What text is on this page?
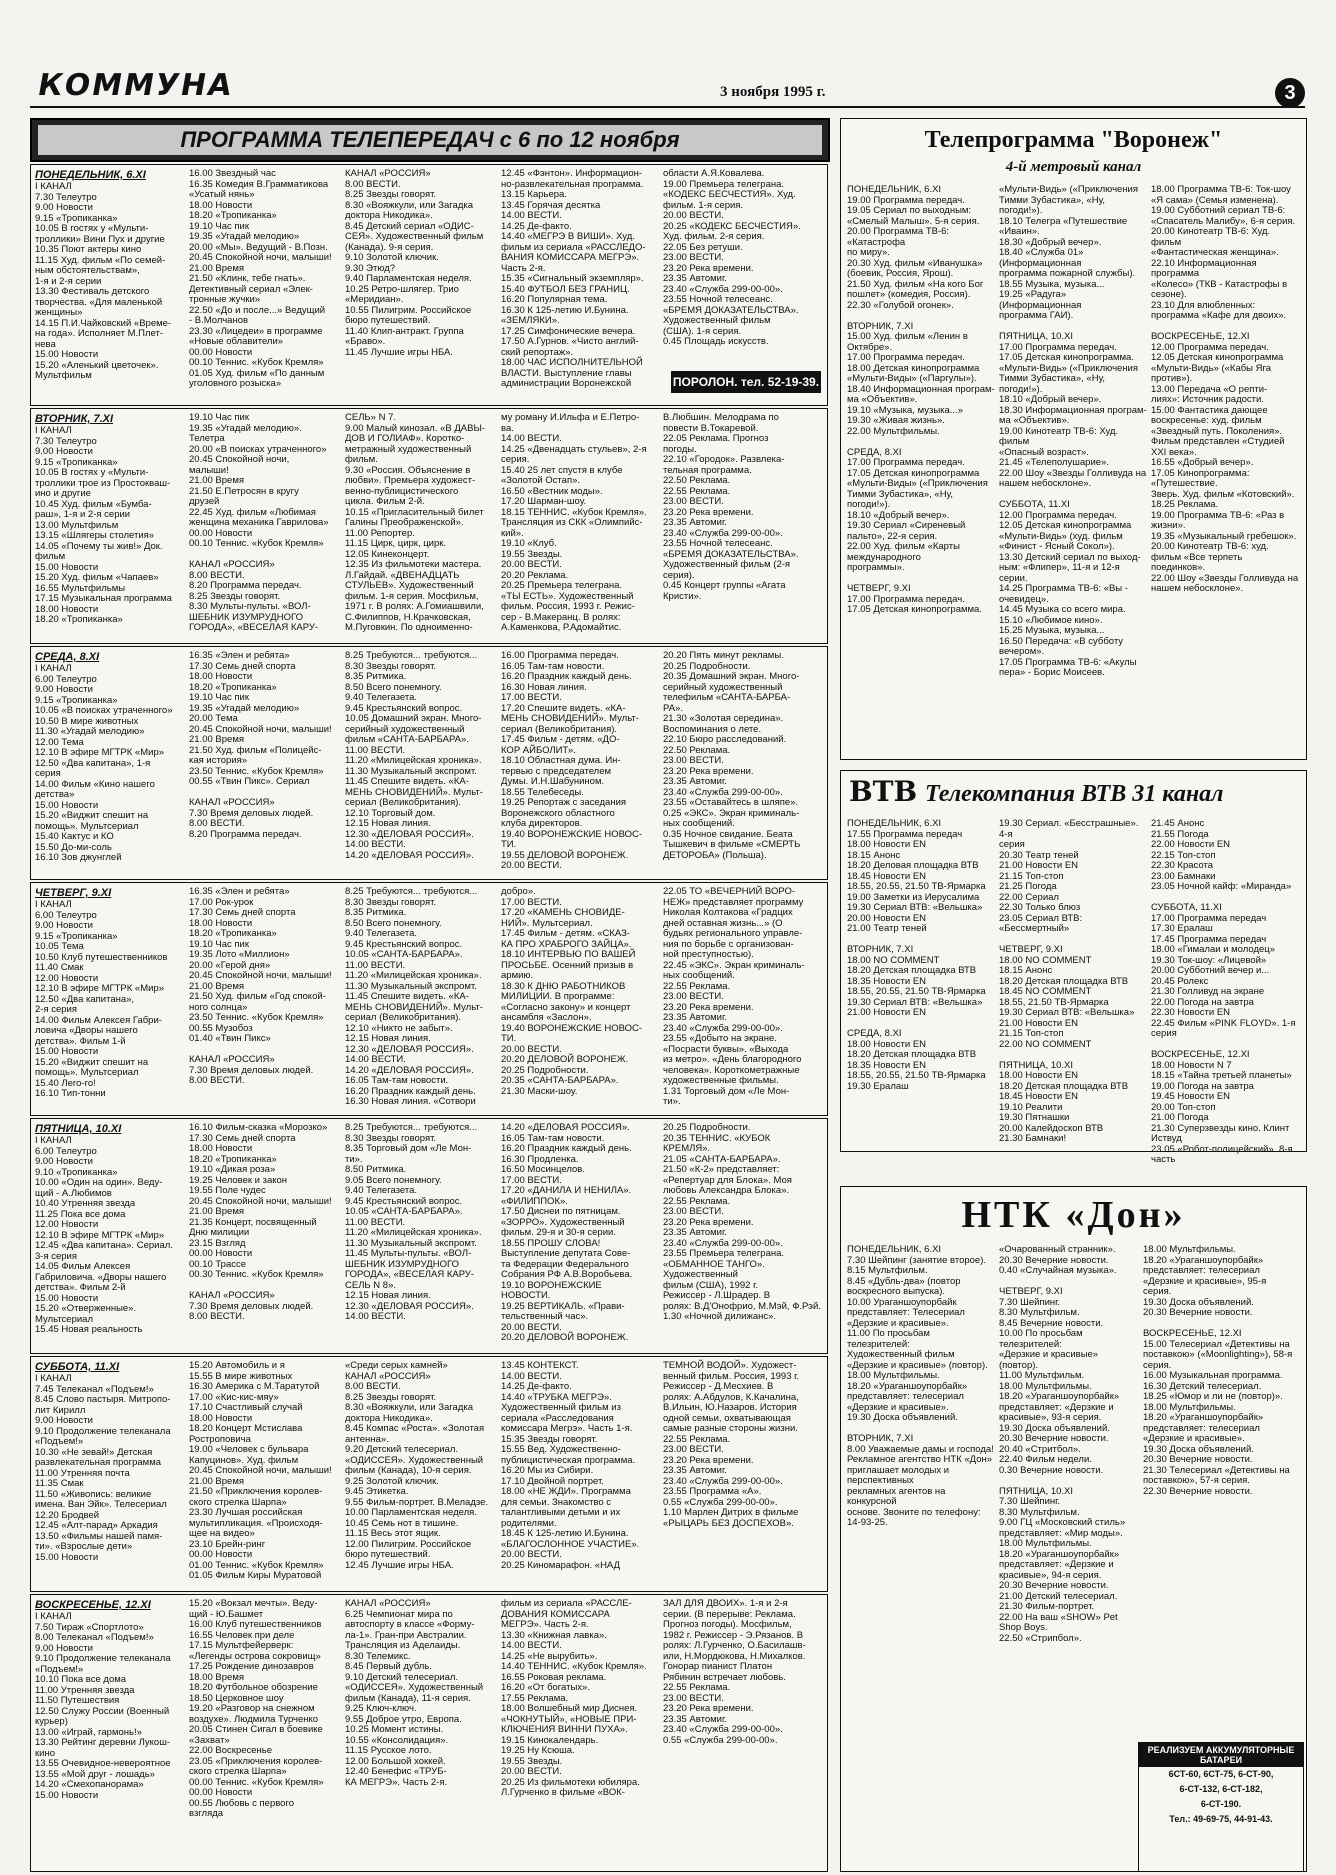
КОММУНА	3 ноября 1995 г.	3
ПРОГРАММА ТЕЛЕПЕРЕДАЧ с 6 по 12 ноября
ПОНЕДЕЛЬНИК, 6.XI
I КАНАЛ
7.30 Телеутро
9.00 Новости
9.15 «Тропиканка»
10.05 В гостях у «Мульти-
троллики» Вини Пух и другие
10.35 Поют актеры кино
11.15 Худ. фильм «По семей-
ным обстоятельствам»,
1-я и 2-я серии
13.30 Фестиваль детского
творчества. «Для маленькой
женщины»
14.15 П.И.Чайковский «Време-
на года». Исполняет М.Плет-
нева
15.00 Новости
15.20 «Аленький цветочек».
Мультфильм
16.00 Звездный час
16.35 Комедия В.Грамматикова
«Усатый нянь»
18.00 Новости
18.20 «Тропиканка»
19.10 Час пик
19.35 «Угадай мелодию»
20.00 «Мы». Ведущий - В.Позн.
20.45 Спокойной ночи, малыши!
21.00 Время
21.50 «Клинк, тебе гнать».
Детективный сериал «Элек-
тронные жучки»
22.50 «До и после...» Ведущий
- В.Молчанов
23.30 «Лицедеи» в программе
«Новые облавители»
00.00 Новости
00.10 Теннис. «Кубок Кремля»
01.05 Худ. фильм «По данным
уголовного розыска»
КАНАЛ «РОССИЯ»
8.00 ВЕСТИ.
8.25 Звезды говорят.
8.30 «Вояжкули, или Загадка
доктора Никодика».
8.45 Детский сериал «ОДИС-
СЕЯ». Художественный фильм
(Канада). 9-я серия.
9.10 Золотой ключик.
9.30 Этюд?
9.40 Парламентская неделя.
10.25 Ретро-шлягер. Трио
«Меридиан».
10.55 Пилигрим. Российское
бюро путешествий.
11.40 Клип-антракт. Группа
«Браво».
11.45 Лучшие игры НБА.
12.45 «Фэнтон». Информацион-
но-развлекательная программа.
13.15 Карьера.
13.45 Горячая десятка
14.00 ВЕСТИ.
14.25 Де-факто.
14.40 «МЕГРЭ В ВИШИ». Худ.
фильм из сериала «РАССЛЕДО-
ВАНИЯ КОМИССАРА МЕГРЭ».
Часть 2-я.
15.35 «Сигнальный экземпляр».
15.40 ФУТБОЛ БЕЗ ГРАНИЦ.
16.20 Популярная тема.
16.30 К 125-летию И.Бунина.
«ЗЕМЛЯКИ».
17.25 Симфонические вечера.
17.50 А.Гурнов. «Чисто англий-
ский репортаж».
18.00 ЧАС ИСПОЛНИТЕЛЬНОЙ
ВЛАСТИ. Выступление главы
администрации Воронежской
области А.Я.Ковалева.
19.00 Премьера телеграна.
«КОДЕКС БЕСЧЕСТИЯ». Худ.
фильм. 1-я серия.
20.00 ВЕСТИ.
20.25 «КОДЕКС БЕСЧЕСТИЯ».
Худ. фильм. 2-я серия.
22.05 Без ретуши.
23.00 ВЕСТИ.
23.20 Река времени.
23.35 Автомиг.
23.40 «Служба 299-00-00».
23.55 Ночной телесеанс.
«БРЕМЯ ДОКАЗАТЕЛЬСТВА».
Художественный фильм
(США). 1-я серия.
0.45 Площадь искусств.
ПОРОЛОН. тел. 52-19-39.
ВТОРНИК, 7.XI
I КАНАЛ
7.30 Телеутро
9.00 Новости
9.15 «Тропиканка»
10.05 В гостях у «Мульти-
троллики трое из Простокваш-
ино и другие
10.45 Худ. фильм «Бумба-
раш», 1-я и 2-я серии
13.00 Мультфильм
13.15 «Шлягеры столетия»
14.05 «Почему ты жив!» Док.
фильм
15.00 Новости
15.20 Худ. фильм «Чапаев»
16.55 Мультфильмы
17.15 Музыкальная программа
18.00 Новости
18.20 «Тропиканка»
19.10 Час пик
19.35 «Угадай мелодию».
Телетра
20.00 «В поисках утраченного»
20.45 Спокойной ночи,
малыши!
21.00 Время
21.50 Е.Петросян в кругу
друзей
22.45 Худ. фильм «Любимая
женщина механика Гаврилова»
00.00 Новости
00.10 Теннис. «Кубок Кремля»

КАНАЛ «РОССИЯ»
8.00 ВЕСТИ.
8.20 Программа передач.
8.25 Звезды говорят.
8.30 Мульты-пульты. «ВОЛ-
ШЕБНИК ИЗУМРУДНОГО
ГОРОДА», «ВЕСЕЛАЯ КАРУ-
СЕЛЬ» N 7.
9.00 Малый кинозал. «В ДАВЫ-
ДОВ И ГОЛИАФ». Коротко-
метражный художественный
фильм.
9.30 «Россия. Объяснение в
любви». Премьера художест-
венно-публицистического
цикла. Фильм 2-й.
10.15 «Пригласительный билет
Галины Преображенской».
11.00 Репортер.
11.15 Цирк, цирк, цирк.
12.05 Кинеконцерт.
12.35 Из фильмотеки мастера.
Л.Гайдай. «ДВЕНАДЦАТЬ
СТУЛЬЕВ». Художественный
фильм. 1-я серия. Мосфильм,
1971 г. В ролях: А.Гомиашвили,
С.Филиппов, Н.Крачковская,
М.Пуговкин. По одноименно-
му роману И.Ильфа и Е.Петро-
ва.
14.00 ВЕСТИ.
14.25 «Двенадцать стульев», 2-я
серия.
15.40 25 лет спустя в клубе
«Золотой Остап».
16.50 «Вестник моды».
17.20 Шарман-шоу.
18.15 ТЕННИС. «Кубок Кремля».
Трансляция из СКК «Олимпийс-
кий».
19.10 «Клуб.
19.55 Звезды.
20.00 ВЕСТИ.
20.20 Реклама.
20.25 Премьера телеграна.
«ТЫ ЕСТЬ». Художественный
фильм. Россия, 1993 г. Режис-
сер - В.Макеранц. В ролях:
А.Каменкова, Р.Адомайтис.
В.Любшин. Мелодрама по
повести В.Токаревой.
22.05 Реклама. Прогноз
погоды.
22.10 «Городок». Развлека-
тельная программа.
22.50 Реклама.
22.55 Реклама.
23.00 ВЕСТИ.
23.20 Река времени.
23.35 Автомиг.
23.40 «Служба 299-00-00».
23.55 Ночной телесеанс.
«БРЕМЯ ДОКАЗАТЕЛЬСТВА».
Художественный фильм (2-я
серия).
0.45 Концерт группы «Агата
Кристи».
СРЕДА, 8.XI
I КАНАЛ
6.00 Телеутро
9.00 Новости
9.15 «Тропиканка»
10.05 «В поисках утраченного»
10.50 В мире животных
11.30 «Угадай мелодию»
12.00 Тема
12.10 В эфире МГТРК «Мир»
12.50 «Два капитана», 1-я
серия
14.00 Фильм «Кино нашего
детства»
15.00 Новости
15.20 «Виджит спешит на
помощь». Мультсериал
15.40 Кактус и КО
15.50 До-ми-соль
16.10 Зов джунглей
16.35 «Элен и ребята»
17.30 Семь дней спорта
18.00 Новости
18.20 «Тропиканка»
19.10 Час пик
19.35 «Угадай мелодию»
20.00 Тема
20.45 Спокойной ночи, малыши!
21.00 Время
21.50 Худ. фильм «Полицейс-
кая история»
23.50 Теннис. «Кубок Кремля»
00.55 «Твин Пикс». Сериал

КАНАЛ «РОССИЯ»
7.30 Время деловых людей.
8.00 ВЕСТИ.
8.20 Программа передач.
8.25 Требуются... требуются...
8.30 Звезды говорят.
8.35 Ритмика.
8.50 Всего понемногу.
9.40 Телегазета.
9.45 Крестьянский вопрос.
10.05 Домашний экран. Много-
серийный художественный
фильм «САНТА-БАРБАРА».
11.00 ВЕСТИ.
11.20 «Милицейская хроника».
11.30 Музыкальный экспромт.
11.45 Спешите видеть. «КА-
МЕНЬ СНОВИДЕНИЙ». Мульт-
сериал (Великобритания).
12.10 Торговый дом.
12.15 Новая линия.
12.30 «ДЕЛОВАЯ РОССИЯ».
14.00 ВЕСТИ.
14.20 «ДЕЛОВАЯ РОССИЯ».
16.00 Программа передач.
16.05 Там-там новости.
16.20 Праздник каждый день.
16.30 Новая линия.
17.00 ВЕСТИ.
17.20 Спешите видеть. «КА-
МЕНЬ СНОВИДЕНИЙ». Мульт-
сериал (Великобритания).
17.45 Фильм - детям. «ДО-
КОР АЙБОЛИТ».
18.10 Областная дума. Ин-
тервью с председателем
Думы. И.Н.Шабунином.
18.55 Телебеседы.
19.25 Репортаж с заседания
Воронежского областного
клуба директоров.
19.40 ВОРОНЕЖСКИЕ НОВОС-
ТИ.
19.55 ДЕЛОВОЙ ВОРОНЕЖ.
20.00 ВЕСТИ.
20.20 Пять минут рекламы.
20.25 Подробности.
20.35 Домашний экран. Много-
серийный художественный
телефильм «САНТА-БАРБА-
РА».
21.30 «Золотая середина».
Воспоминания о лете.
22.10 Бюро расследований.
22.50 Реклама.
23.00 ВЕСТИ.
23.20 Река времени.
23.35 Автомиг.
23.40 «Служба 299-00-00».
23.55 «Оставайтесь в шляпе».
0.25 «ЭКС». Экран криминаль-
ных сообщений.
0.35 Ночное свидание. Беата
Тышкевич в фильме «СМЕРТЬ
ДЕТОРОБА» (Польша).
ЧЕТВЕРГ, 9.XI
I КАНАЛ
6.00 Телеутро
9.00 Новости
9.15 «Тропиканка»
10.05 Тема
10.50 Клуб путешественников
11.40 Смак
12.00 Новости
12.10 В эфире МГТРК «Мир»
12.50 «Два капитана»,
2-я серия
14.00 Фильм Алексея Габри-
ловича «Дворы нашего
детства». Фильм 1-й
15.00 Новости
15.20 «Виджит спешит на
помощь». Мультсериал
15.40 Лего-го!
16.10 Тип-тонни
16.35 «Элен и ребята»
17.00 Рок-урок
17.30 Семь дней спорта
18.00 Новости
18.20 «Тропиканка»
19.10 Час пик
19.35 Лото «Миллион»
20.00 «Герой дня»
20.45 Спокойной ночи, малыши!
21.00 Время
21.50 Худ. фильм «Год спокой-
ного солнца»
23.50 Теннис. «Кубок Кремля»
00.55 Музобоз
01.40 «Твин Пикс»

КАНАЛ «РОССИЯ»
7.30 Время деловых людей.
8.00 ВЕСТИ.
8.25 Требуются... требуются...
8.30 Звезды говорят.
8.35 Ритмика.
8.50 Всего понемногу.
9.40 Телегазета.
9.45 Крестьянский вопрос.
10.05 «САНТА-БАРБАРА».
11.00 ВЕСТИ.
11.20 «Милицейская хроника».
11.30 Музыкальный экспромт.
11.45 Спешите видеть. «КА-
МЕНЬ СНОВИДЕНИЙ». Мульт-
сериал (Великобритания).
12.10 «Никто не забыт».
12.15 Новая линия.
12.30 «ДЕЛОВАЯ РОССИЯ».
14.00 ВЕСТИ.
14.20 «ДЕЛОВАЯ РОССИЯ».
16.05 Там-там новости.
16.20 Праздник каждый день.
16.30 Новая линия. «Сотвори
добро».
17.00 ВЕСТИ.
17.20 «КАМЕНЬ СНОВИДЕ-
НИЙ». Мультсериал.
17.45 Фильм - детям. «СКАЗ-
КА ПРО ХРАБРОГО ЗАЙЦА».
18.10 ИНТЕРВЬЮ ПО ВАШЕЙ
ПРОСЬБЕ. Осенний призыв в
армию.
18.30 К ДНЮ РАБОТНИКОВ
МИЛИЦИИ. В программе:
«Согласно закону» и концерт
ансамбля «Заслон».
19.40 ВОРОНЕЖСКИЕ НОВОС-
ТИ.
20.00 ВЕСТИ.
20.20 ДЕЛОВОЙ ВОРОНЕЖ.
20.25 Подробности.
20.35 «САНТА-БАРБАРА».
21.30 Маски-шоу.
22.05 ТО «ВЕЧЕРНИЙ ВОРО-
НЕЖ» представляет программу
Николая Колтакова «Градцих
дней оставная жизнь...» (О
будьях регионального управле-
ния по борьбе с организован-
ной преступностью).
22.45 «ЭКС». Экран криминаль-
ных сообщений.
22.55 Реклама.
23.00 ВЕСТИ.
23.20 Река времени.
23.35 Автомиг.
23.40 «Служба 299-00-00».
23.55 «Добыто на экране.
«Посрасти буквы». «Выхода
из метро». «День благородного
человека». Короткометражные
художественные фильмы.
1.31 Торговый дом «Ле Мон-
ти».
ПЯТНИЦА, 10.XI
I КАНАЛ
6.00 Телеутро
9.00 Новости
9.10 «Тропиканка»
10.00 «Один на один». Веду-
щий - А.Любимов
10.40 Утренняя звезда
11.25 Пока все дома
12.00 Новости
12.10 В эфире МГТРК «Мир»
12.45 «Два капитана». Сериал.
3-я серия
14.05 Фильм Алексея
Габриловича. «Дворы нашего
детства». Фильм 2-й
15.00 Новости
15.20 «Отверженные».
Мультсериал
15.45 Новая реальность
16.10 Фильм-сказка «Морозко»
17.30 Семь дней спорта
18.00 Новости
18.20 «Тропиканка»
19.10 «Дикая роза»
19.25 Человек и закон
19.55 Поле чудес
20.45 Спокойной ночи, малыши!
21.00 Время
21.35 Концерт, посвященный
Дню милиции
23.15 Взгляд
00.00 Новости
00.10 Трассе
00.30 Теннис. «Кубок Кремля»

КАНАЛ «РОССИЯ»
7.30 Время деловых людей.
8.00 ВЕСТИ.
8.25 Требуются... требуются...
8.30 Звезды говорят.
8.35 Торговый дом «Ле Мон-
ти».
8.50 Ритмика.
9.05 Всего понемногу.
9.40 Телегазета.
9.45 Крестьянский вопрос.
10.05 «САНТА-БАРБАРА».
11.00 ВЕСТИ.
11.20 «Милицейская хроника».
11.30 Музыкальный экспромт.
11.45 Мульты-пульты. «ВОЛ-
ШЕБНИК ИЗУМРУДНОГО
ГОРОДА», «ВЕСЕЛАЯ КАРУ-
СЕЛЬ N 8».
12.15 Новая линия.
12.30 «ДЕЛОВАЯ РОССИЯ».
14.00 ВЕСТИ.
14.20 «ДЕЛОВАЯ РОССИЯ».
16.05 Там-там новости.
16.20 Праздник каждый день.
16.30 Продленка.
16.50 Мосинцелов.
17.00 ВЕСТИ.
17.20 «ДАНИЛА И НЕНИЛА». «ФИЛИППОК».
17.50 Диснеи по пятницам.
«ЗОРРО». Художественный
фильм. 29-я и 30-я серии.
18.55 ПРОШУ СЛОВА!
Выступление депутата Сове-
та Федерации Федерального
Собрания РФ А.В.Воробьева.
19.10 ВОРОНЕЖСКИЕ
НОВОСТИ.
19.25 ВЕРТИКАЛЬ. «Прави-
тельственный час».
20.00 ВЕСТИ.
20.20 ДЕЛОВОЙ ВОРОНЕЖ.
20.25 Подробности.
20.35 ТЕННИС. «КУБОК
КРЕМЛЯ».
21.05 «САНТА-БАРБАРА».
21.50 «К-2» представляет:
«Репертуар для Блока». Моя
любовь Александра Блока».
22.55 Реклама.
23.00 ВЕСТИ.
23.20 Река времени.
23.35 Автомиг.
23.40 «Служба 299-00-00».
23.55 Премьера телеграна.
«ОБМАННОЕ ТАНГО». Художественный
фильм (США), 1992 г.
Режиссер - Л.Шрадер. В
ролях: В.Д'Онофрио, М.Мэй, Ф.Рэй.
1.30 «Ночной дилижанс».
СУББОТА, 11.XI
I КАНАЛ
7.45 Телеканал «Подъем!»
8.45 Слово пастыря. Митропо-
лит Кирилл
9.00 Новости
9.10 Продолжение телеканала
«Подъем!»
10.30 «Не зевай!» Детская
развлекательная программа
11.00 Утренняя почта
11.35 Смак
11.50 «Живопись: великие
имена. Ван Эйк». Телесериал
12.20 Бродвей
12.45 «Алт-парад» Аркадия
13.50 «Фильмы нашей памя-
ти». «Взрослые дети»
15.00 Новости
15.20 Автомобиль и я
15.55 В мире животных
16.30 Америка с М.Таратутой
17.00 «Кис-кис-мяу»
17.10 Счастливый случай
18.00 Новости
18.20 Концерт Мстислава
Ростроповича
19.00 «Человек с бульвара
Капуцинов». Худ. фильм
20.45 Спокойной ночи, малыши!
21.00 Время
21.50 «Приключения королев-
ского стрелка Шарпа»
23.30 Лучшая российская
мультипликация. «Происходя-
щее на видео»
23.10 Брейн-ринг
00.00 Новости
01.00 Теннис. «Кубок Кремля»
01.05 Фильм Киры Муратовой
«Среди серых камней»
КАНАЛ «РОССИЯ»
8.00 ВЕСТИ.
8.25 Звезды говорят.
8.30 «Вояжкули, или Загадка
доктора Никодика».
8.45 Компас «Роста». «Золотая
антенна».
9.20 Детский телесериал.
«ОДИССЕЯ». Художественный
фильм (Канада), 10-я серия.
9.25 Золотой ключик.
9.45 Этикетка.
9.55 Фильм-портрет. В.Меладзе.
10.00 Парламентская неделя.
10.45 Семь нот в тишине.
11.15 Весь этот ящик.
12.00 Пилигрим. Российское
бюро путешествий.
12.45 Лучшие игры НБА.
13.45 КОНТЕКСТ.
14.00 ВЕСТИ.
14.25 Де-факто.
14.40 «ТРУБКА МЕГРЭ».
Художественный фильм из
сериала «Расследования
комиссара Мегрэ». Часть 1-я.
15.35 Звезды говорят.
15.55 Вед. Художественно-
публицистическая программа.
16.20 Мы из Сибири.
17.10 Двойной портрет.
18.00 «НЕ ЖДИ». Программа
для семьи. Знакомство с
талантливыми детьми и их
родителями.
18.45 К 125-летию И.Бунина.
«БЛАГОСЛОННОЕ УЧАСТИЕ».
20.00 ВЕСТИ.
20.25 Киномарафон. «НАД
ТЕМНОЙ ВОДОЙ». Художест-
венный фильм. Россия, 1993 г.
Режиссер - Д.Месхиев. В
ролях: А.Абдулов, К.Качалина,
В.Ильин, Ю.Назаров. История
одной семьи, охватывающая
самые разные стороны жизни.
22.55 Реклама.
23.00 ВЕСТИ.
23.20 Река времени.
23.35 Автомиг.
23.40 «Служба 299-00-00».
23.55 Программа «А».
0.55 «Служба 299-00-00».
1.10 Марлен Дитрих в фильме
«РЫЦАРЬ БЕЗ ДОСПЕХОВ».
ВОСКРЕСЕНЬЕ, 12.XI
I КАНАЛ
7.50 Тираж «Спортлото»
8.00 Телеканал «Подъем!»
9.00 Новости
9.10 Продолжение телеканала
«Подъем!»
10.10 Пока все дома
11.00 Утренняя звезда
11.50 Путешествия
12.50 Служу России (Военный
курьер)
13.00 «Играй, гармонь!»
13.30 Рейтинг деревни Лукош-
кино
13.55 Очевидное-невероятное
13.55 «Мой друг - лошадь»
14.20 «Смехопанорама»
15.00 Новости
15.20 «Вокзал мечты». Веду-
щий - Ю.Башмет
16.00 Клуб путешественников
16.55 Человек при деле
17.15 Мультфейерверк:
«Легенды острова сокровищ»
17.25 Рождение динозавров
18.00 Время
18.20 Футбольное обозрение
18.50 Церковное шоу
19.20 «Разговор на снежном
воздухе». Людмила Турченко
20.05 Стинен Сигал в боевике
«Захват»
22.00 Воскресенье
23.05 «Приключения королев-
ского стрелка Шарпа»
00.00 Теннис. «Кубок Кремля»
00.00 Новости
00.55 Любовь с первого
взгляда
КАНАЛ «РОССИЯ»
6.25 Чемпионат мира по
автоспорту в классе «Форму-
ла-1». Гран-при Австралии.
Трансляция из Аделаиды.
8.30 Телемикс.
8.45 Первый дубль.
9.10 Детский телесериал.
«ОДИССЕЯ». Художественный
фильм (Канада), 11-я серия.
9.25 Ключ-ключ.
9.55 Доброе утро, Европа.
10.25 Момент истины.
10.55 «Консолидация».
11.15 Русское лото.
12.00 Большой хоккей.
12.40 Бенефис «ТРУБ-
КА МЕГРЭ». Часть 2-я.
фильм из сериала «РАССЛЕ-
ДОВАНИЯ КОМИССАРА
МЕГРЭ». Часть 2-я.
13.30 «Книжная лавка».
14.00 ВЕСТИ.
14.25 «Не вырубить».
14.40 ТЕННИС. «Кубок Кремля».
16.55 Роковая реклама.
16.20 «От богатых».
17.55 Реклама.
18.00 Волшебный мир Диснея.
«ЧОКНУТЫЙ», «НОВЫЕ ПРИ-
КЛЮЧЕНИЯ ВИННИ ПУХА».
19.15 Кинокалендарь.
19.25 Ну Ксюша.
19.55 Звезды.
20.00 ВЕСТИ.
20.25 Из фильмотеки юбиляра.
Л.Гурченко в фильме «ВОК-
ЗАЛ ДЛЯ ДВОИХ». 1-я и 2-я
серии. (В перерыве: Реклама.
Прогноз погоды). Мосфильм,
1982 г. Режиссер - Э.Рязанов. В
ролях: Л.Гурченко, О.Басилашв-
или, Н.Мордюкова, Н.Михалков.
Гонорар пианист Платон
Рябинин встречает любовь.
22.55 Реклама.
23.00 ВЕСТИ.
23.20 Река времени.
23.35 Автомиг.
23.40 «Служба 299-00-00».
0.55 «Служба 299-00-00».
Телепрограмма "Воронеж"
4-й метровый канал
ПОНЕДЕЛЬНИК, 6.XI
19.00 Программа передач.
19.05 Сериал по выходным:
«Смелый Малыш». 5-я серия.
20.00 Программа ТВ-6: «Катастрофа
по миру».
20.30 Худ. фильм «Иванушка»
(боевик, Россия, Ярош).
21.50 Худ. фильм «На кого Бог
пошлет» (комедия, Россия).
22.30 «Голубой огонек».

ВТОРНИК, 7.XI
15.00 Худ. фильм «Ленин в
Октябре».
17.00 Программа передач.
18.00 Детская кинопрограмма
«Мульти-Виды» («Паргулы»).
18.40 Информационная програм-
ма «Объектив».
19.10 «Музыка, музыка...»
19.30 «Живая жизнь».
22.00 Мультфильмы.

СРЕДА, 8.XI
17.00 Программа передач.
17.05 Детская кинопрограмма
«Мульти-Виды» («Приключения
Тимми Зубастика», «Ну, погоди!»).
18.10 «Добрый вечер».
19.30 Сериал «Сиреневый
пальто», 22-я серия.
22.00 Худ. фильм «Карты
международного
программы».

ЧЕТВЕРГ, 9.XI
17.00 Программа передач.
17.05 Детская кинопрограмма.
«Мульти-Видь» («Приключения
Тимми Зубастика», «Ну, погоди!»).
18.10 Телегра «Путешествие
«Иваин».
18.30 «Добрый вечер».
18.40 «Служба 01» (Информационная
программа пожарной службы).
18.55 Музыка, музыка...
19.25 «Радуга» (Информационная
программа ГАИ).

ПЯТНИЦА, 10.XI
17.00 Программа передач.
17.05 Детская кинопрограмма.
«Мульти-Видь» («Приключения
Тимми Зубастика», «Ну, погоди!»).
18.10 «Добрый вечер».
18.30 Информационная програм-
ма «Объектив».
19.00 Кинотеатр ТВ-6: Худ. фильм
«Опасный возраст».
21.45 «Телеполушарие».
22.00 Шоу «Звезды Голливуда на
нашем небосклоне».

СУББОТА, 11.XI
12.00 Программа передач.
12.05 Детская кинопрограмма
«Мульти-Видь» (худ. фильм
«Финист - Ясный Сокол»).
13.30 Детский сериал по выход-
ным: «Флипер», 11-я и 12-я
серии.
14.25 Программа ТВ-6: «Вы -
очевидец».
14.45 Музыка со всего мира.
15.10 «Любимое кино».
15.25 Музыка, музыка...
16.50 Передача: «В субботу
вечером».
17.05 Программа ТВ-6: «Акулы
пера» - Борис Моисеев.
18.00 Программа ТВ-6: Ток-шоу
«Я сама» (Семья изменена).
19.00 Субботний сериал ТВ-6:
«Спасатель Малибу», 6-я серия.
20.00 Кинотеатр ТВ-6: Худ. фильм
«Фантастическая женщина».
22.10 Информационная программа
«Колесо» (ТКВ - Катастрофы в
сезоне).
23.10 Для влюбленных:
программа «Кафе для двоих».

ВОСКРЕСЕНЬЕ, 12.XI
12.00 Программа передач.
12.05 Детская кинопрограмма
«Мульти-Видь» («Кабы Яга
против»).
13.00 Передача «О репти-
лиях»: Источник радости.
15.00 Фантастика дающее
воскресенье: худ. фильм
«Звездный путь. Поколения».
Фильм представлен «Студией
XXI века».
16.55 «Добрый вечер».
17.05 Кинопрограмма: «Путешествие.
Зверь. Худ. фильм «Котовский».
18.25 Реклама.
19.00 Программа ТВ-6: «Раз в
жизни».
19.35 «Музыкальный гребешок».
20.00 Кинотеатр ТВ-6: худ.
фильм «Все терпеть
поединков».
22.00 Шоу «Звезды Голливуда на
нашем небосклоне».
ВТВ Телекомпания ВТВ 31 канал
ПОНЕДЕЛЬНИК, 6.XI
17.55 Программа передач
18.00 Новости EN
18.15 Анонс
18.20 Деловая площадка ВТВ
18.45 Новости EN
18.55, 20.55, 21.50 ТВ-Ярмарка
19.00 Заметки из Иерусалима
19.30 Сериал ВТВ: «Вельшка»
20.00 Новости EN
21.00 Театр теней

ВТОРНИК, 7.XI
18.00 NO COMMENT
18.20 Детская площадка ВТВ
18.35 Новости EN
18.55, 20.55, 21.50 ТВ-Ярмарка
19.30 Сериал ВТВ: «Вельшка»
21.00 Новости EN

СРЕДА, 8.XI
18.00 Новости EN
18.20 Детская площадка ВТВ
18.35 Новости EN
18.55, 20.55, 21.50 ТВ-Ярмарка
19.30 Ералаш
19.30 Сериал. «Бесстрашные». 4-я
серия
20.30 Театр теней
21.00 Новости EN
21.15 Топ-стоп
21.25 Погода
22.00 Сериал
22.30 Только блюз
23.05 Сериал ВТВ: «Бессмертный»

ЧЕТВЕРГ, 9.XI
18.00 NO COMMENT
18.15 Анонс
18.20 Детская площадка ВТВ
18.45 NO COMMENT
18.55, 21.50 ТВ-Ярмарка
19.30 Сериал ВТВ: «Вельшка»
21.00 Новости EN
21.15 Топ-стоп
22.00 NO COMMENT

ПЯТНИЦА, 10.XI
18.00 Новости EN
18.20 Детская площадка ВТВ
18.45 Новости EN
19.10 Реалити
19.30 Пятнашки
20.00 Калейдоскоп ВТВ
21.30 Бамнаки!
21.45 Анонс
21.55 Погода
22.00 Новости EN
22.15 Топ-стоп
22.30 Красота
23.00 Бамнаки
23.05 Ночной кайф: «Миранда»

СУББОТА, 11.XI
17.00 Программа передач
17.30 Ералаш
17.45 Программа передач
18.00 «Гималаи и молодец»
19.30 Ток-шоу: «Лицевой»
20.00 Субботний вечер и...
20.45 Ролекс
21.30 Голливуд на экране
22.00 Погода на завтра
22.30 Новости EN
22.45 Фильм «PINK FLOYD». 1-я
серия

ВОСКРЕСЕНЬЕ, 12.XI
18.00 Новости N 7
18.15 «Тайна третьей планеты»
19.00 Погода на завтра
19.45 Новости EN
20.00 Топ-стоп
21.00 Погода
21.30 Суперзвезды кино. Клинт
Иствуд
23.05 «Робот-полицейский». 8-я
часть
НТК «Дон»
ПОНЕДЕЛЬНИК, 6.XI
7.30 Шейпинг (занятие второе).
8.15 Мультфильм.
8.45 «Дубль-два» (повтор
воскресного выпуска).
10.00 Ураганшоупорбайк
представляет: Телесериал
«Дерзкие и красивые».
11.00 По просьбам телезрителей:
Художественный фильм
«Дерзкие и красивые» (повтор).
18.00 Мультфильмы.
18.20 «Ураганшоупорбайк»
представляет: телесериал
«Дерзкие и красивые».
19.30 Доска объявлений.

ВТОРНИК, 7.XI
8.00 Уважаемые дамы и господа!
Рекламное агентство НТК «Дон»
приглашает молодых и перспективных
рекламных агентов на конкурсной
основе. Звоните по телефону:
14-93-25.
«Очарованный странник».
20.30 Вечерние новости.
0.40 «Случайная музыка».

ЧЕТВЕРГ, 9.XI
7.30 Шейпинг.
8.30 Мультфильм.
8.45 Вечерние новости.
10.00 По просьбам телезрителей:
«Дерзкие и красивые» (повтор).
11.00 Мультфильм.
18.00 Мультфильмы.
18.20 «Ураганшоупорбайк»
представляет: «Дерзкие и
красивые», 93-я серия.
19.30 Доска объявлений.
20.30 Вечерние новости.
20.40 «Стритбол».
22.40 Фильм недели.
0.30 Вечерние новости.

ПЯТНИЦА, 10.XI
7.30 Шейпинг.
8.30 Мультфильм.
9.00 ГЦ «Московский стиль»
представляет: «Мир моды».
18.00 Мультфильмы.
18.20 «Ураганшоупорбайк»
представляет: «Дерзкие и
красивые», 94-я серия.
20.30 Вечерние новости.
21.00 Детский телесериал.
21.30 Фильм-портрет.
22.00 На ваш «SHOW» Pet Shop Boys.
22.50 «Стрипбол».
18.00 Мультфильмы.
18.20 «Ураганшоупорбайк»
представляет: телесериал
«Дерзкие и красивые», 95-я
серия.
19.30 Доска объявлений.
20.30 Вечерние новости.

ВОСКРЕСЕНЬЕ, 12.XI
15.00 Телесериал «Детективы на
поставкою» («Moonlighting»), 58-я
серия.
16.00 Музыкальная программа.
16.30 Детский телесериал.
18.25 «Юмор и ли не (повтор)».
18.00 Мультфильмы.
18.20 «Ураганшоупорбайк»
представляет: телесериал
«Дерзкие и красивые».
19.30 Доска объявлений.
20.30 Вечерние новости.
21.30 Телесериал «Детективы на
поставкою», 57-я серия.
22.30 Вечерние новости.
РЕАЛИЗУЕМ АККУМУЛЯТОРНЫЕ БАТАРЕИ
6СТ-60, 6СТ-75, 6-СТ-90,
6-СТ-132, 6-СТ-182,
6-СТ-190.
Тел.: 49-69-75, 44-91-43.
